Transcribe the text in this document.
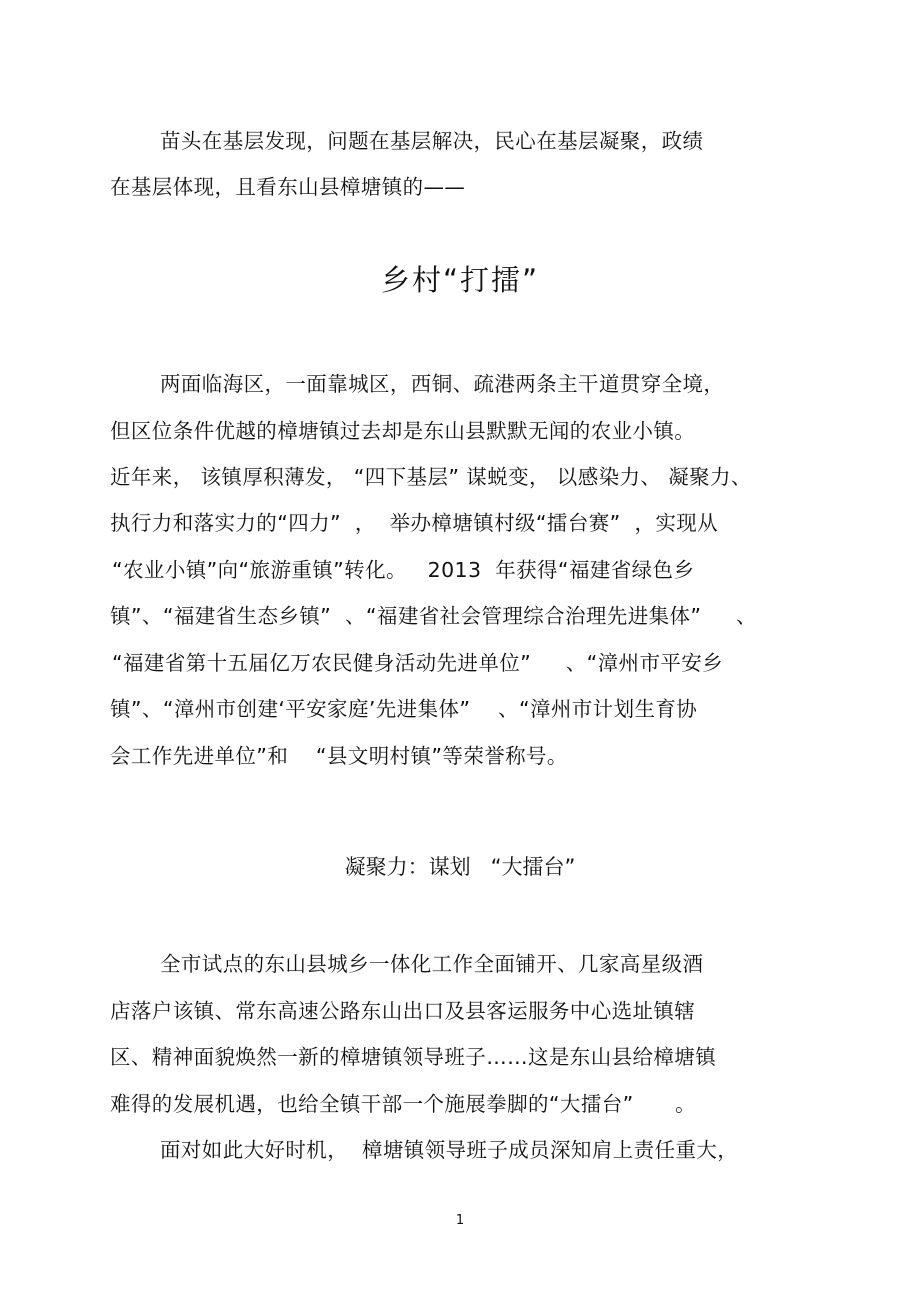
苗头在基层发现，问题在基层解决，民心在基层凝聚，政绩
在基层体现，且看东山县樟塘镇的——
乡村“打擂”
两面临海区，一面靠城区，西铜、疏港两条主干道贯穿全境，
但区位条件优越的樟塘镇过去却是东山县默默无闻的农业小镇。
近年来， 该镇厚积薄发， “四下基层” 谋蜕变， 以感染力、 凝聚力、
执行力和落实力的“四力”  ，  举办樟塘镇村级“擂台赛”  ，实现从
“农业小镇”向“旅游重镇”转化。   2013  年获得“福建省绿色乡
镇”、“福建省生态乡镇”  、“福建省社会管理综合治理先进集体”     、
“福建省第十五届亿万农民健身活动先进单位”     、“漳州市平安乡
镇”、“漳州市创建‘平安家庭’先进集体”    、“漳州市计划生育协
会工作先进单位”和    “县文明村镇”等荣誉称号。
凝聚力：谋划   “大擂台”
全市试点的东山县城乡一体化工作全面铺开、几家高星级酒
店落户该镇、常东高速公路东山出口及县客运服务中心选址镇辖
区、精神面貌焕然一新的樟塘镇领导班子……这是东山县给樟塘镇
难得的发展机遇，也给全镇干部一个施展拳脚的“大擂台”      。
面对如此大好时机，  樟塘镇领导班子成员深知肩上责任重大，
1
